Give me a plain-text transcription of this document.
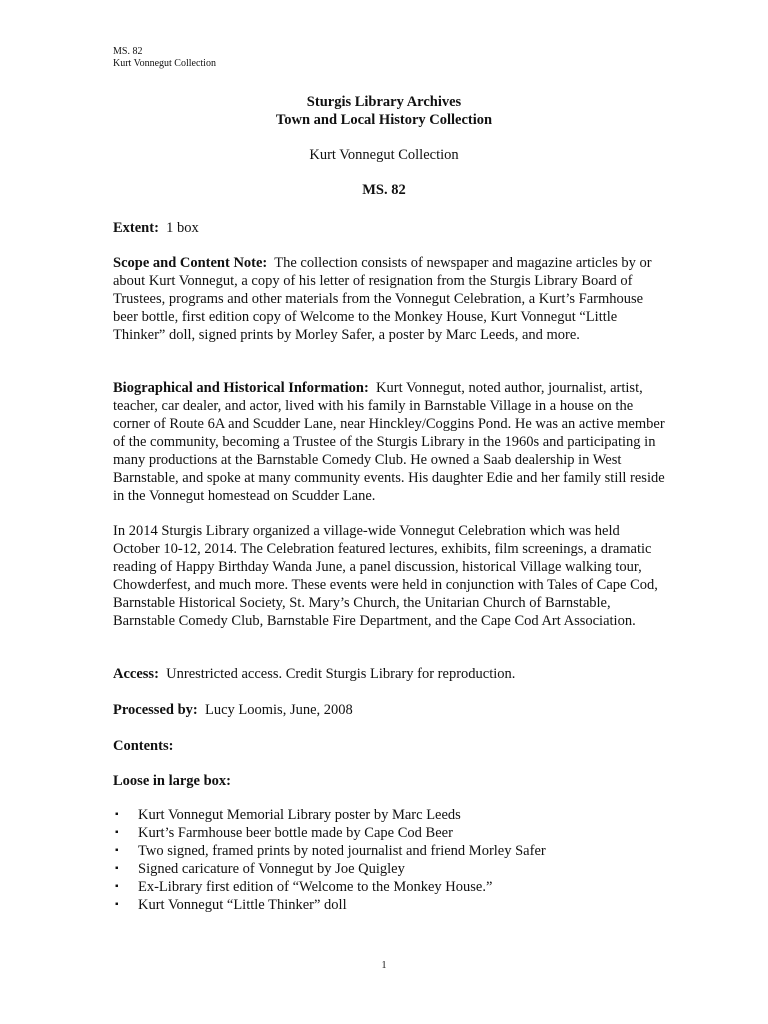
MS. 82
Kurt Vonnegut Collection
Sturgis Library Archives
Town and Local History Collection
Kurt Vonnegut Collection
MS. 82
Extent: 1 box
Scope and Content Note: The collection consists of newspaper and magazine articles by or about Kurt Vonnegut, a copy of his letter of resignation from the Sturgis Library Board of Trustees, programs and other materials from the Vonnegut Celebration, a Kurt’s Farmhouse beer bottle, first edition copy of Welcome to the Monkey House, Kurt Vonnegut “Little Thinker” doll, signed prints by Morley Safer, a poster by Marc Leeds, and more.
Biographical and Historical Information: Kurt Vonnegut, noted author, journalist, artist, teacher, car dealer, and actor, lived with his family in Barnstable Village in a house on the corner of Route 6A and Scudder Lane, near Hinckley/Coggins Pond. He was an active member of the community, becoming a Trustee of the Sturgis Library in the 1960s and participating in many productions at the Barnstable Comedy Club. He owned a Saab dealership in West Barnstable, and spoke at many community events. His daughter Edie and her family still reside in the Vonnegut homestead on Scudder Lane.
In 2014 Sturgis Library organized a village-wide Vonnegut Celebration which was held October 10-12, 2014. The Celebration featured lectures, exhibits, film screenings, a dramatic reading of Happy Birthday Wanda June, a panel discussion, historical Village walking tour, Chowderfest, and much more. These events were held in conjunction with Tales of Cape Cod, Barnstable Historical Society, St. Mary’s Church, the Unitarian Church of Barnstable, Barnstable Comedy Club, Barnstable Fire Department, and the Cape Cod Art Association.
Access: Unrestricted access. Credit Sturgis Library for reproduction.
Processed by: Lucy Loomis, June, 2008
Contents:
Loose in large box:
▪ Kurt Vonnegut Memorial Library poster by Marc Leeds
▪ Kurt’s Farmhouse beer bottle made by Cape Cod Beer
▪ Two signed, framed prints by noted journalist and friend Morley Safer
▪ Signed caricature of Vonnegut by Joe Quigley
▪ Ex-Library first edition of “Welcome to the Monkey House.”
▪ Kurt Vonnegut “Little Thinker” doll
1
